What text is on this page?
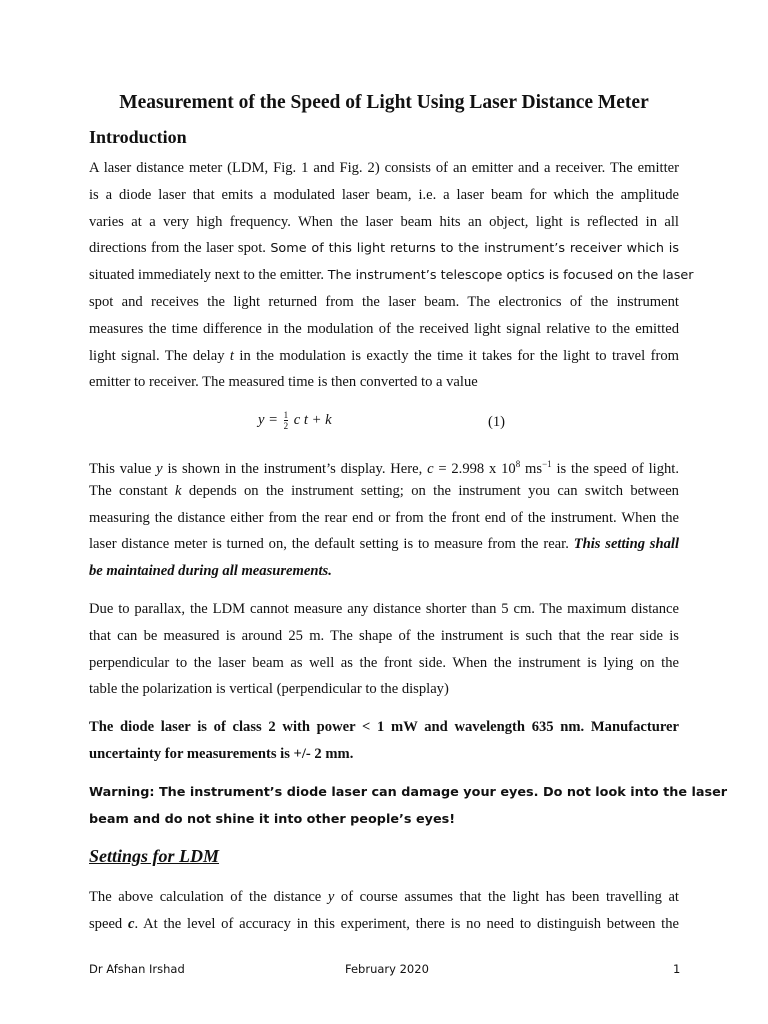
Measurement of the Speed of Light Using Laser Distance Meter
Introduction
A laser distance meter (LDM, Fig. 1 and Fig. 2) consists of an emitter and a receiver. The emitter
is a diode laser that emits a modulated laser beam, i.e. a laser beam for which the amplitude
varies at a very high frequency. When the laser beam hits an object, light is reflected in all
directions from the laser spot. Some of this light returns to the instrument’s receiver which is
situated immediately next to the emitter. The instrument’s telescope optics is focused on the laser
spot and receives the light returned from the laser beam. The electronics of the instrument
measures the time difference in the modulation of the received light signal relative to the emitted
light signal. The delay t in the modulation is exactly the time it takes for the light to travel from
emitter to receiver. The measured time is then converted to a value
$y = \frac{1}{2}$ c t + k	(1)
This value y is shown in the instrument’s display. Here, c = 2.998 x $10^8$ $ms^{-1}$ is the speed of light.
The constant k depends on the instrument setting; on the instrument you can switch between
measuring the distance either from the rear end or from the front end of the instrument. When the
laser distance meter is turned on, the default setting is to measure from the rear. This setting shall
be maintained during all measurements.
Due to parallax, the LDM cannot measure any distance shorter than 5 cm. The maximum distance
that can be measured is around 25 m. The shape of the instrument is such that the rear side is
perpendicular to the laser beam as well as the front side. When the instrument is lying on the
table the polarization is vertical (perpendicular to the display)
The diode laser is of class 2 with power < 1 mW and wavelength 635 nm. Manufacturer
uncertainty for measurements is +/- 2 mm.
Warning: The instrument’s diode laser can damage your eyes. Do not look into the laser
beam and do not shine it into other people’s eyes!
Settings for LDM
The above calculation of the distance y of course assumes that the light has been travelling at
speed c. At the level of accuracy in this experiment, there is no need to distinguish between the
Dr Afshan Irshad	February 2020	1
